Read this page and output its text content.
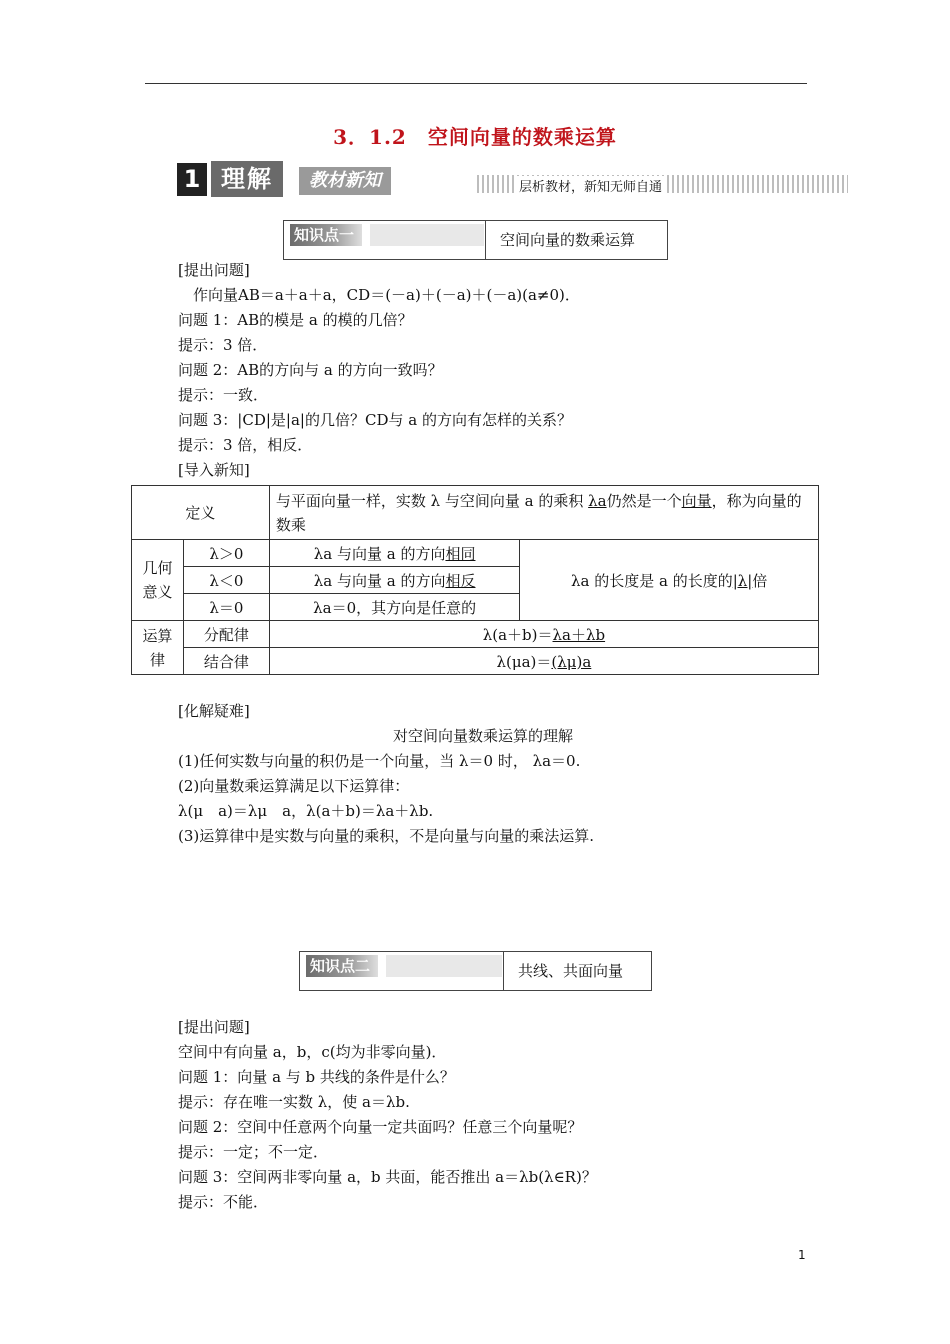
3．1.2　空间向量的数乘运算
1 理解	教材新知	层析教材，新知无师自通
知识点一	空间向量的数乘运算
[提出问题]
　作向量AB＝a＋a＋a，CD＝(－a)＋(－a)＋(－a)(a≠0)．
问题 1：AB的模是 a 的模的几倍？
提示：3 倍．
问题 2：AB的方向与 a 的方向一致吗？
提示：一致．
问题 3：|CD|是|a|的几倍？CD与 a 的方向有怎样的关系？
提示：3 倍，相反．
[导入新知]
定义		与平面向量一样，实数 λ 与空间向量 a 的乘积 λa仍然是一个向量，称为向量的数乘	
几何意义	λ＞0	λa 与向量 a 的方向相同	λa 的长度是 a 的长度的|λ|倍
	λ＜0	λa 与向量 a 的方向相反	
	λ＝0	λa＝0，其方向是任意的	
运算律	分配律	λ(a＋b)＝λa＋λb	
	结合律	λ(μa)＝(λμ)a	
[化解疑难]
对空间向量数乘运算的理解
(1)任何实数与向量的积仍是一个向量，当 λ＝0 时， λa＝0.
(2)向量数乘运算满足以下运算律：
λ(μ　a)＝λμ　a，λ(a＋b)＝λa＋λb.
(3)运算律中是实数与向量的乘积，不是向量与向量的乘法运算.
知识点二	共线、共面向量
[提出问题]
空间中有向量 a，b，c(均为非零向量)．
问题 1：向量 a 与 b 共线的条件是什么？
提示：存在唯一实数 λ，使 a＝λb.
问题 2：空间中任意两个向量一定共面吗？任意三个向量呢？
提示：一定；不一定．
问题 3：空间两非零向量 a，b 共面，能否推出 a＝λb(λ∈R)？
提示：不能．
1
